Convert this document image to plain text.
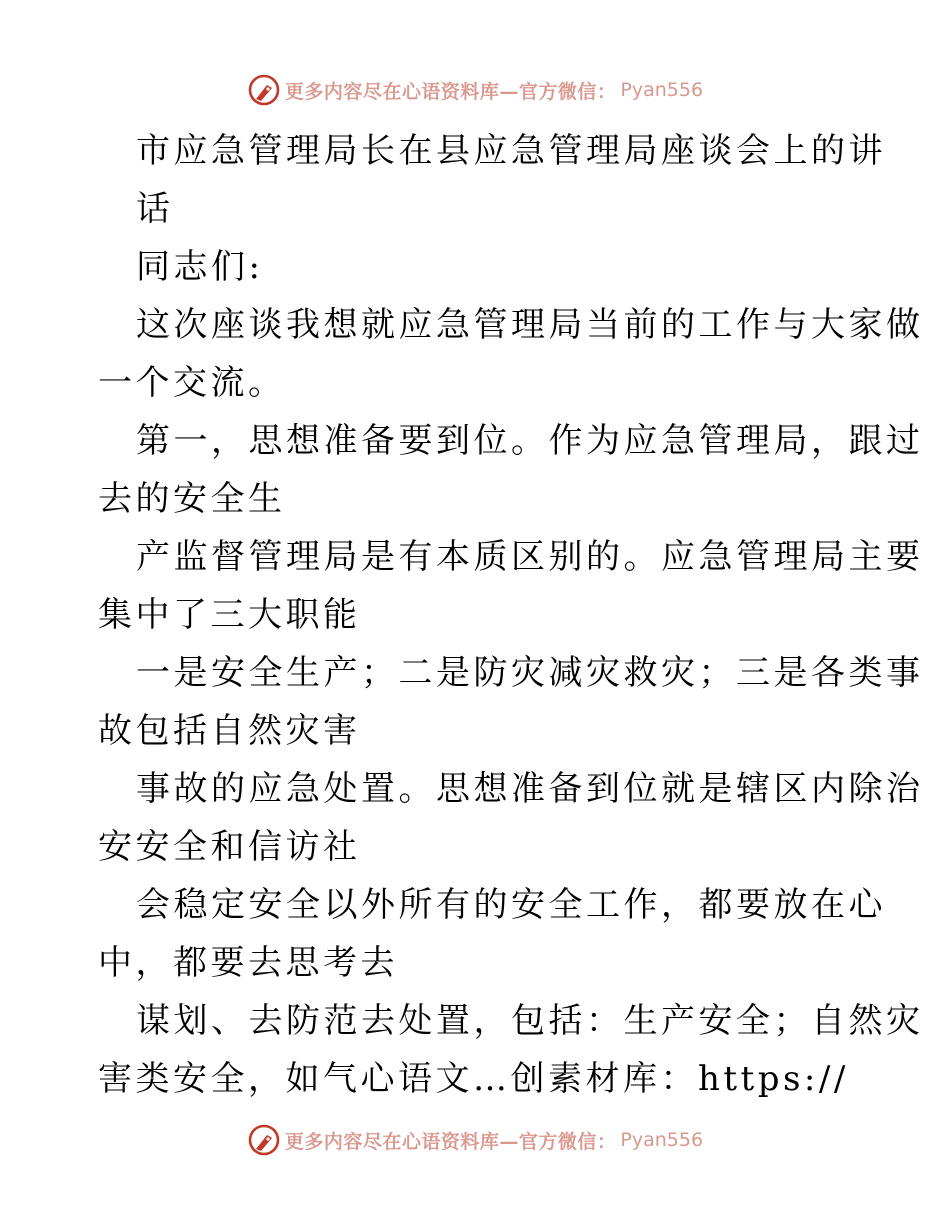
更多内容尽在心语资料库—官方微信： Pyan556
市应急管理局长在县应急管理局座谈会上的讲
话
同志们:
这次座谈我想就应急管理局当前的工作与大家做
一个交流。
第一，思想准备要到位。作为应急管理局，跟过
去的安全生
产监督管理局是有本质区别的。应急管理局主要
集中了三大职能
一是安全生产；二是防灾减灾救灾；三是各类事
故包括自然灾害
事故的应急处置。思想准备到位就是辖区内除治
安安全和信访社
会稳定安全以外所有的安全工作，都要放在心
中，都要去思考去
谋划、去防范去处置，包括：生产安全；自然灾
害类安全，如气心语文…创素材库：https://
更多内容尽在心语资料库—官方微信： Pyan556
